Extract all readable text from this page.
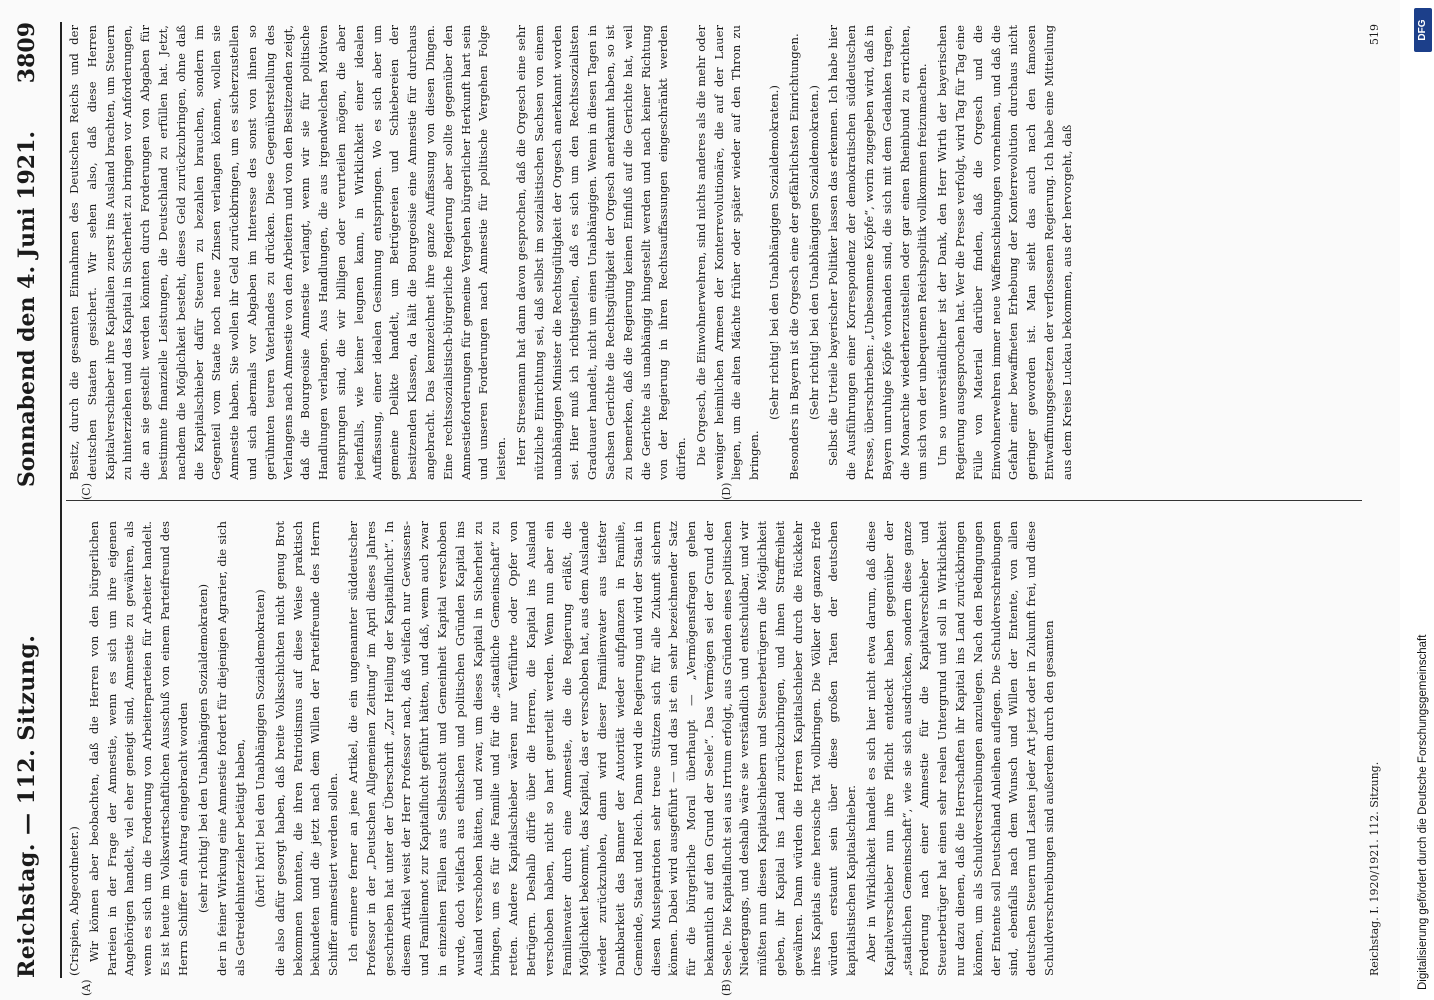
Reichstag. — 112. Sitzung.
Sonnabend den 4. Juni 1921. 3809
(A)	(B)
(C)	(D)

(Crispien, Abgeordneter.) Wir können aber beobachten, daß die Herren von den bürgerlichen Parteien in der Frage der Amnestie, wenn es sich um ihre eigenen Angehörigen handelt, viel eher geneigt sind, Amnestie zu gewähren, als wenn es sich um die Forderung von Arbeiterparteien für Arbeiter handelt. Es ist heute im Volkswirtschaftlichen Ausschuß von einem Parteifreund des Herrn Schiffer ein Antrag eingebracht worden (sehr richtig! bei den Unabhängigen Sozialdemokraten) der in feiner Wirkung eine Amnestie fordert für diejenigen Agrarier, die sich als Getreidehinterzieher betätigt haben, (hört! hört! bei den Unabhängigen Sozialdemokraten) die also dafür gesorgt haben, daß breite Volksschichten nicht genug Brot bekommen konnten, die ihren Patriotismus auf diese Weise praktisch bekundeten und die jetzt nach dem Willen der Parteifreunde des Herrn Schiffer amnestiert werden sollen. Ich erinnere ferner an jene Artikel, die ein ungenannter süddeutscher Professor in der „Deutschen Allgemeinen Zeitung“ im April dieses Jahres geschrieben hat unter der Überschrift „Zur Heilung der Kapitalflucht“. In diesem Artikel weist der Herr Professor nach, daß vielfach nur Gewissens- und Familiennot zur Kapitalflucht geführt hätten, und daß, wenn auch zwar in einzelnen Fällen aus Selbstsucht und Gemeinheit Kapital verschoben wurde, doch vielfach aus ethischen und politischen Gründen Kapital ins Ausland verschoben hätten, und zwar, um dieses Kapital in Sicherheit zu bringen, um es für die Familie und für die „staatliche Gemeinschaft“ zu retten. Andere Kapitalschieber wären nur Verführte oder Opfer von Betrügern. Deshalb dürfe über die Herren, die Kapital ins Ausland verschoben haben, nicht so hart geurteilt werden. Wenn nun aber ein Familienvater durch eine Amnestie, die die Regierung erläßt, die Möglichkeit bekommt, das Kapital, das er verschoben hat, aus dem Auslande wieder zurückzuholen, dann wird dieser Familienvater aus tiefster Dankbarkeit das Banner der Autorität wieder aufpflanzen in Familie, Gemeinde, Staat und Reich. Dann wird die Regierung und wird der Staat in diesen Mustepatrioten sehr treue Stützen sich für alle Zukunft sichern können. Dabei wird ausgeführt — und das ist ein sehr bezeichnender Satz für die bürgerliche Moral überhaupt — „Vermögensfragen gehen bekanntlich auf den Grund der Seele“. Das Vermögen sei der Grund der Seele. Die Kapitalflucht sei aus Irrtum erfolgt, aus Gründen eines politischen Niedergangs, und deshalb wäre sie verständlich und entschuldbar, und wir müßten nun diesen Kapitalschiebern und Steuerbetrügern die Möglichkeit geben, ihr Kapital ins Land zurückzubringen, und ihnen Straffreiheit gewähren. Dann würden die Herren Kapitalschieber durch die Rückkehr ihres Kapitals eine heroische Tat vollbringen. Die Völker der ganzen Erde würden erstaunt sein über diese großen Taten der deutschen kapitalistischen Kapitalschieber. Aber in Wirklichkeit handelt es sich hier nicht etwa darum, daß diese Kapitalverschieber nun ihre Pflicht entdeckt haben gegenüber der „staatlichen Gemeinschaft“, wie sie sich ausdrücken, sondern diese ganze Forderung nach einer Amnestie für die Kapitalverschieber und Steuerbetrüger hat einen sehr realen Untergrund und soll in Wirklichkeit nur dazu dienen, daß die Herrschaften ihr Kapital ins Land zurückbringen können, um als Schuldverschreibungen anzulegen. Nach den Bedingungen der Entente soll Deutschland Anleihen auflegen. Die Schuldverschreibungen sind, ebenfalls nach dem Wunsch und Willen der Entente, von allen deutschen Steuern und Lasten jeder Art jetzt oder in Zukunft frei, und diese Schuldverschreibungen sind außerdem durch den gesamten

Besitz, durch die gesamten Einnahmen des Deutschen Reichs und der deutschen Staaten gesichert. Wir sehen also, daß diese Herren Kapitalverschieber ihre Kapitalien zuerst ins Ausland brachten, um Steuern zu hinterziehen und das Kapital in Sicherheit zu bringen vor Anforderungen, die an sie gestellt werden könnten durch Forderungen von Abgaben für bestimmte finanzielle Leistungen, die Deutschland zu erfüllen hat. Jetzt, nachdem die Möglichkeit besteht, dieses Geld zurückzubringen, ohne daß die Kapitalschieber dafür Steuern zu bezahlen brauchen, sondern im Gegenteil vom Staate noch neue Zinsen verlangen können, wollen sie Amnestie haben. Sie wollen ihr Geld zurückbringen, um es sicherzustellen und sich abermals vor Abgaben im Interesse des sonst von ihnen so gerühmten teuren Vaterlandes zu drücken. Diese Gegenüberstellung des Verlangens nach Amnestie von den Arbeitern und von den Besitzenden zeigt, daß die Bourgeoisie Amnestie verlangt, wenn wir sie für politische Handlungen verlangen. Aus Handlungen, die aus irgendwelchen Motiven entsprungen sind, die wir billigen oder verurteilen mögen, die aber jedenfalls, wie keiner leugnen kann, in Wirklichkeit einer idealen Auffassung, einer idealen Gesinnung entspringen. Wo es sich aber um gemeine Delikte handelt, um Betrügereien und Schiebereien der besitzenden Klassen, da hält die Bourgeoisie eine Amnestie für durchaus angebracht. Das kennzeichnet ihre ganze Auffassung von diesen Dingen. Eine rechtssozialistisch-bürgerliche Regierung aber sollte gegenüber den Amnestieforderungen für gemeine Vergehen bürgerlicher Herkunft hart sein und unseren Forderungen nach Amnestie für politische Vergehen Folge leisten. Herr Stresemann hat dann davon gesprochen, daß die Orgesch eine sehr nützliche Einrichtung sei, daß selbst im sozialistischen Sachsen von einem unabhängigen Minister die Rechtsgültigkeit der Orgesch anerkannt worden sei. Hier muß ich richtigstellen, daß es sich um den Rechtssozialisten Graduauer handelt, nicht um einen Unabhängigen. Wenn in diesen Tagen in Sachsen Gerichte die Rechtsgültigkeit der Orgesch anerkannt haben, so ist zu bemerken, daß die Regierung keinen Einfluß auf die Gerichte hat, weil die Gerichte als unabhängig hingestellt werden und nach keiner Richtung von der Regierung in ihren Rechtsauffassungen eingeschränkt werden dürfen. Die Orgesch, die Einwohnerwehren, sind nichts anderes als die mehr oder weniger heimlichen Armeen der Konterrevolutionäre, die auf der Lauer liegen, um die alten Mächte früher oder später wieder auf den Thron zu bringen.

(Sehr richtig! bei den Unabhängigen Sozialdemokraten.) Besonders in Bayern ist die Orgesch eine der gefährlichsten Einrichtungen. (Sehr richtig! bei den Unabhängigen Sozialdemokraten.) Selbst die Urteile bayerischer Politiker lassen das erkennen. Ich habe hier die Ausführungen einer Korrespondenz der demokratischen süddeutschen Presse, überschrieben: „Unbesonnene Köpfe“, worin zugegeben wird, daß in Bayern unruhige Köpfe vorhanden sind, die sich mit dem Gedanken tragen, die Monarchie wiederherzustellen oder gar einen Rheinbund zu errichten, um sich von der unbequemen Reichspolitik vollkommen freizumachen. Um so unverständlicher ist der Dank, den Herr Wirth der bayerischen Regierung ausgesprochen hat. Wer die Presse verfolgt, wird Tag für Tag eine Fülle von Material darüber finden, daß die Orgesch und die Einwohnerwehren immer neue Waffenschiebungen vornehmen, und daß die Gefahr einer bewaffneten Erhebung der Konterrevolution durchaus nicht geringer geworden ist. Man sieht das auch nach den famosen Entwaffnungsgesetzen der verflossenen Regierung. Ich habe eine Mitteilung aus dem Kreise Luckau bekommen, aus der hervorgeht, daß

Reichstag. I. 1920/1921. 112. Sitzung.
519
Digitalisierung gefördert durch die Deutsche Forschungsgemeinschaft
DFG
